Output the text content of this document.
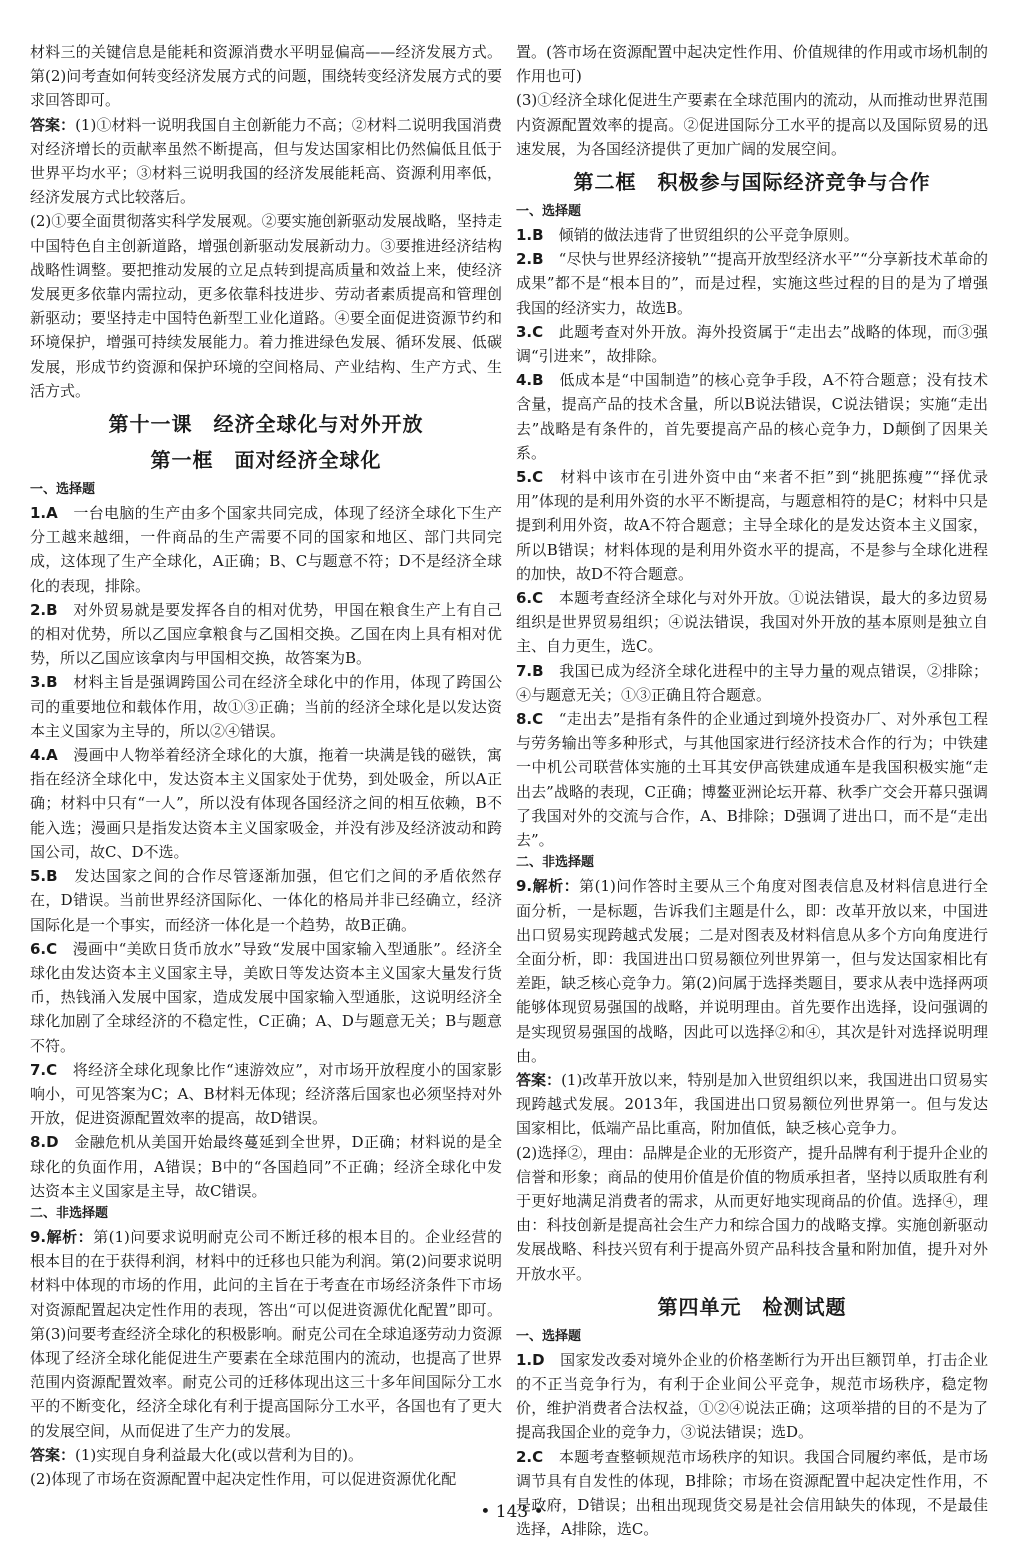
材料三的关键信息是能耗和资源消费水平明显偏高——经济发展方式。第(2)问考查如何转变经济发展方式的问题，围绕转变经济发展方式的要求回答即可。

答案：(1)①材料一说明我国自主创新能力不高；②材料二说明我国消费对经济增长的贡献率虽然不断提高，但与发达国家相比仍然偏低且低于世界平均水平；③材料三说明我国的经济发展能耗高、资源利用率低，经济发展方式比较落后。

(2)①要全面贯彻落实科学发展观。②要实施创新驱动发展战略，坚持走中国特色自主创新道路，增强创新驱动发展新动力。③要推进经济结构战略性调整。要把推动发展的立足点转到提高质量和效益上来，使经济发展更多依靠内需拉动，更多依靠科技进步、劳动者素质提高和管理创新驱动；要坚持走中国特色新型工业化道路。④要全面促进资源节约和环境保护，增强可持续发展能力。着力推进绿色发展、循环发展、低碳发展，形成节约资源和保护环境的空间格局、产业结构、生产方式、生活方式。

第十一课　经济全球化与对外开放
第一框　面对经济全球化
一、选择题

1.A　一台电脑的生产由多个国家共同完成，体现了经济全球化下生产分工越来越细，一件商品的生产需要不同的国家和地区、部门共同完成，这体现了生产全球化，A正确；B、C与题意不符；D不是经济全球化的表现，排除。

2.B　对外贸易就是要发挥各自的相对优势，甲国在粮食生产上有自己的相对优势，所以乙国应拿粮食与乙国相交换。乙国在肉上具有相对优势，所以乙国应该拿肉与甲国相交换，故答案为B。

3.B　材料主旨是强调跨国公司在经济全球化中的作用，体现了跨国公司的重要地位和载体作用，故①③正确；当前的经济全球化是以发达资本主义国家为主导的，所以②④错误。

4.A　漫画中人物举着经济全球化的大旗，拖着一块满是钱的磁铁，寓指在经济全球化中，发达资本主义国家处于优势，到处吸金，所以A正确；材料中只有“一人”，所以没有体现各国经济之间的相互依赖，B不能入选；漫画只是指发达资本主义国家吸金，并没有涉及经济波动和跨国公司，故C、D不选。

5.B　发达国家之间的合作尽管逐渐加强，但它们之间的矛盾依然存在，D错误。当前世界经济国际化、一体化的格局并非已经确立，经济国际化是一个事实，而经济一体化是一个趋势，故B正确。

6.C　漫画中“美欧日货币放水”导致“发展中国家输入型通胀”。经济全球化由发达资本主义国家主导，美欧日等发达资本主义国家大量发行货币，热钱涌入发展中国家，造成发展中国家输入型通胀，这说明经济全球化加剧了全球经济的不稳定性，C正确；A、D与题意无关；B与题意不符。

7.C　将经济全球化现象比作“速游效应”，对市场开放程度小的国家影响小，可见答案为C；A、B材料无体现；经济落后国家也必须坚持对外开放，促进资源配置效率的提高，故D错误。

8.D　金融危机从美国开始最终蔓延到全世界，D正确；材料说的是全球化的负面作用，A错误；B中的“各国趋同”不正确；经济全球化中发达资本主义国家是主导，故C错误。

二、非选择题

9.解析：第(1)问要求说明耐克公司不断迁移的根本目的。企业经营的根本目的在于获得利润，材料中的迁移也只能为利润。第(2)问要求说明材料中体现的市场的作用，此问的主旨在于考查在市场经济条件下市场对资源配置起决定性作用的表现，答出“可以促进资源优化配置”即可。第(3)问要考查经济全球化的积极影响。耐克公司在全球追逐劳动力资源体现了经济全球化能促进生产要素在全球范围内的流动，也提高了世界范围内资源配置效率。耐克公司的迁移体现出这三十多年间国际分工水平的不断变化，经济全球化有利于提高国际分工水平，各国也有了更大的发展空间，从而促进了生产力的发展。

答案：(1)实现自身利益最大化(或以营利为目的)。

(2)体现了市场在资源配置中起决定性作用，可以促进资源优化配

置。(答市场在资源配置中起决定性作用、价值规律的作用或市场机制的作用也可)

(3)①经济全球化促进生产要素在全球范围内的流动，从而推动世界范围内资源配置效率的提高。②促进国际分工水平的提高以及国际贸易的迅速发展，为各国经济提供了更加广阔的发展空间。

第二框　积极参与国际经济竞争与合作
一、选择题

1.B　倾销的做法违背了世贸组织的公平竞争原则。

2.B　“尽快与世界经济接轨”“提高开放型经济水平”“分享新技术革命的成果”都不是“根本目的”，而是过程，实施这些过程的目的是为了增强我国的经济实力，故选B。

3.C　此题考查对外开放。海外投资属于“走出去”战略的体现，而③强调“引进来”，故排除。

4.B　低成本是“中国制造”的核心竞争手段，A不符合题意；没有技术含量，提高产品的技术含量，所以B说法错误，C说法错误；实施“走出去”战略是有条件的，首先要提高产品的核心竞争力，D颠倒了因果关系。

5.C　材料中该市在引进外资中由“来者不拒”到“挑肥拣瘦”“择优录用”体现的是利用外资的水平不断提高，与题意相符的是C；材料中只是提到利用外资，故A不符合题意；主导全球化的是发达资本主义国家，所以B错误；材料体现的是利用外资水平的提高，不是参与全球化进程的加快，故D不符合题意。

6.C　本题考查经济全球化与对外开放。①说法错误，最大的多边贸易组织是世界贸易组织；④说法错误，我国对外开放的基本原则是独立自主、自力更生，选C。

7.B　我国已成为经济全球化进程中的主导力量的观点错误，②排除；④与题意无关；①③正确且符合题意。

8.C　“走出去”是指有条件的企业通过到境外投资办厂、对外承包工程与劳务输出等多种形式，与其他国家进行经济技术合作的行为；中铁建一中机公司联营体实施的土耳其安伊高铁建成通车是我国积极实施“走出去”战略的表现，C正确；博鳌亚洲论坛开幕、秋季广交会开幕只强调了我国对外的交流与合作，A、B排除；D强调了进出口，而不是“走出去”。

二、非选择题

9.解析：第(1)问作答时主要从三个角度对图表信息及材料信息进行全面分析，一是标题，告诉我们主题是什么，即：改革开放以来，中国进出口贸易实现跨越式发展；二是对图表及材料信息从多个方向角度进行全面分析，即：我国进出口贸易额位列世界第一，但与发达国家相比有差距，缺乏核心竞争力。第(2)问属于选择类题目，要求从表中选择两项能够体现贸易强国的战略，并说明理由。首先要作出选择，设问强调的是实现贸易强国的战略，因此可以选择②和④，其次是针对选择说明理由。

答案：(1)改革开放以来，特别是加入世贸组织以来，我国进出口贸易实现跨越式发展。2013年，我国进出口贸易额位列世界第一。但与发达国家相比，低端产品比重高，附加值低，缺乏核心竞争力。

(2)选择②，理由：品牌是企业的无形资产，提升品牌有利于提升企业的信誉和形象；商品的使用价值是价值的物质承担者，坚持以质取胜有利于更好地满足消费者的需求，从而更好地实现商品的价值。选择④，理由：科技创新是提高社会生产力和综合国力的战略支撑。实施创新驱动发展战略、科技兴贸有利于提高外贸产品科技含量和附加值，提升对外开放水平。

第四单元　检测试题
一、选择题

1.D　国家发改委对境外企业的价格垄断行为开出巨额罚单，打击企业的不正当竞争行为，有利于企业间公平竞争，规范市场秩序，稳定物价，维护消费者合法权益，①②④说法正确；这项举措的目的不是为了提高我国企业的竞争力，③说法错误；选D。

2.C　本题考查整顿规范市场秩序的知识。我国合同履约率低，是市场调节具有自发性的体现，B排除；市场在资源配置中起决定性作用，不是政府，D错误；出租出现现货交易是社会信用缺失的体现，不是最佳选择，A排除，选C。

• 143 •
